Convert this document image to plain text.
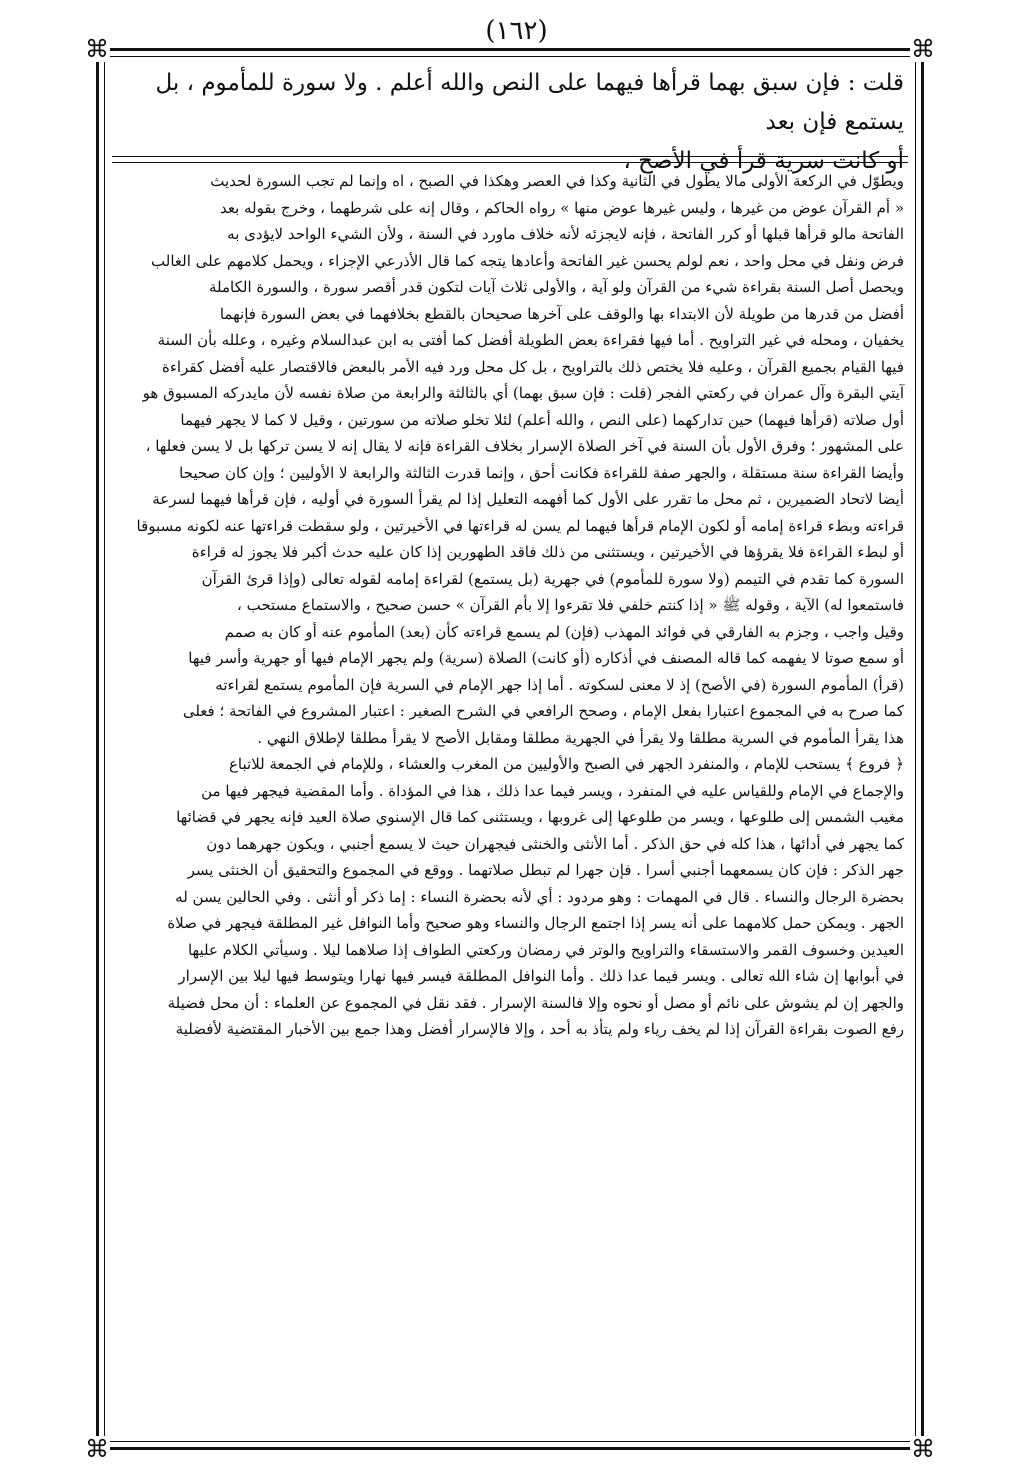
(١٦٢)
⌘	⌘
⌘	⌘

قلت : فإن سبق بهما قرأها فيهما على النص والله أعلم . ولا سورة للمأموم ، بل يستمع فإن بعد

أو كانت سرية قرأ في الأصح ،

ويطوّل في الركعة الأولى مالا يطول في الثانية وكذا في العصر وهكذا في الصبح ، اه وإنما لم تجب السورة لحديث

« أم القرآن عوض من غيرها ، وليس غيرها عوض منها » رواه الحاكم ، وقال إنه على شرطهما ، وخرج بقوله بعد

الفاتحة مالو قرأها قبلها أو كرر الفاتحة ، فإنه لايجزئه لأنه خلاف ماورد في السنة ، ولأن الشيء الواحد لايؤدى به

فرض ونفل في محل واحد ، نعم لولم يحسن غير الفاتحة وأعادها يتجه كما قال الأذرعي الإجزاء ، ويحمل كلامهم على الغالب

ويحصل أصل السنة بقراءة شيء من القرآن ولو آية ، والأولى ثلاث آيات لتكون قدر أقصر سورة ، والسورة الكاملة

أفضل من قدرها من طويلة لأن الابتداء بها والوقف على آخرها صحيحان بالقطع بخلافهما في بعض السورة فإنهما

يخفيان ، ومحله في غير التراويح . أما فيها فقراءة بعض الطويلة أفضل كما أفتى به ابن عبدالسلام وغيره ، وعلله بأن السنة

فيها القيام بجميع القرآن ، وعليه فلا يختص ذلك بالتراويح ، بل كل محل ورد فيه الأمر بالبعض فالاقتصار عليه أفضل كقراءة

آيتي البقرة وآل عمران في ركعتي الفجر (قلت : فإن سبق بهما) أي بالثالثة والرابعة من صلاة نفسه لأن مايدركه المسبوق هو

أول صلاته (قرأها فيهما) حين تداركهما (على النص ، والله أعلم) لئلا تخلو صلاته من سورتين ، وقيل لا كما لا يجهر فيهما

على المشهور ؛ وفرق الأول بأن السنة في آخر الصلاة الإسرار بخلاف القراءة فإنه لا يقال إنه لا يسن تركها بل لا يسن فعلها ،

وأيضا القراءة سنة مستقلة ، والجهر صفة للقراءة فكانت أحق ، وإنما قدرت الثالثة والرابعة لا الأوليين ؛ وإن كان صحيحا

أيضا لاتحاد الضميرين ، ثم محل ما تقرر على الأول كما أفهمه التعليل إذا لم يقرأ السورة في أوليه ، فإن قرأها فيهما لسرعة

قراءته وبطء قراءة إمامه أو لكون الإمام قرأها فيهما لم يسن له قراءتها في الأخيرتين ، ولو سقطت قراءتها عنه لكونه مسبوقا

أو لبطء القراءة فلا يقرؤها في الأخيرتين ، ويستثنى من ذلك فاقد الطهورين إذا كان عليه حدث أكبر فلا يجوز له قراءة

السورة كما تقدم في التيمم (ولا سورة للمأموم) في جهرية (بل يستمع) لقراءة إمامه لقوله تعالى (وإذا قرئ القرآن

فاستمعوا له) الآية ، وقوله ﷺ « إذا كنتم خلفي فلا تقرءوا إلا بأم القرآن » حسن صحيح ، والاستماع مستحب ،

وقيل واجب ، وجزم به الفارقي في فوائد المهذب (فإن) لم يسمع قراءته كأن (بعد) المأموم عنه أو كان به صمم

أو سمع صوتا لا يفهمه كما قاله المصنف في أذكاره (أو كانت) الصلاة (سرية) ولم يجهر الإمام فيها أو جهرية وأسر فيها

(قرأ) المأموم السورة (في الأصح) إذ لا معنى لسكوته . أما إذا جهر الإمام في السرية فإن المأموم يستمع لقراءته

كما صرح به في المجموع اعتبارا بفعل الإمام ، وصحح الرافعي في الشرح الصغير : اعتبار المشروع في الفاتحة ؛ فعلى

هذا يقرأ المأموم في السرية مطلقا ولا يقرأ في الجهرية مطلقا ومقابل الأصح لا يقرأ مطلقا لإطلاق النهي .

﴿ فروع ﴾ يستحب للإمام ، والمنفرد الجهر في الصبح والأوليين من المغرب والعشاء ، وللإمام في الجمعة للاتباع

والإجماع في الإمام وللقياس عليه في المنفرد ، ويسر فيما عدا ذلك ، هذا في المؤداة . وأما المقضية فيجهر فيها من

مغيب الشمس إلى طلوعها ، ويسر من طلوعها إلى غروبها ، ويستثنى كما قال الإسنوي صلاة العيد فإنه يجهر في قضائها

كما يجهر في أدائها ، هذا كله في حق الذكر . أما الأنثى والخنثى فيجهران حيث لا يسمع أجنبي ، ويكون جهرهما دون

جهر الذكر : فإن كان يسمعهما أجنبي أسرا . فإن جهرا لم تبطل صلاتهما . ووقع في المجموع والتحقيق أن الخنثى يسر

بحضرة الرجال والنساء . قال في المهمات : وهو مردود : أي لأنه بحضرة النساء : إما ذكر أو أنثى . وفي الحالين يسن له

الجهر . ويمكن حمل كلامهما على أنه يسر إذا اجتمع الرجال والنساء وهو صحيح وأما النوافل غير المطلقة فيجهر في صلاة

العيدين وخسوف القمر والاستسقاء والتراويح والوتر في رمضان وركعتي الطواف إذا صلاهما ليلا . وسيأتي الكلام عليها

في أبوابها إن شاء الله تعالى . ويسر فيما عدا ذلك . وأما النوافل المطلقة فيسر فيها نهارا ويتوسط فيها ليلا بين الإسرار

والجهر إن لم يشوش على نائم أو مصل أو نحوه وإلا فالسنة الإسرار . فقد نقل في المجموع عن العلماء : أن محل فضيلة

رفع الصوت بقراءة القرآن إذا لم يخف رياء ولم يتأذ به أحد ، وإلا فالإسرار أفضل وهذا جمع بين الأخبار المقتضية لأفضلية
